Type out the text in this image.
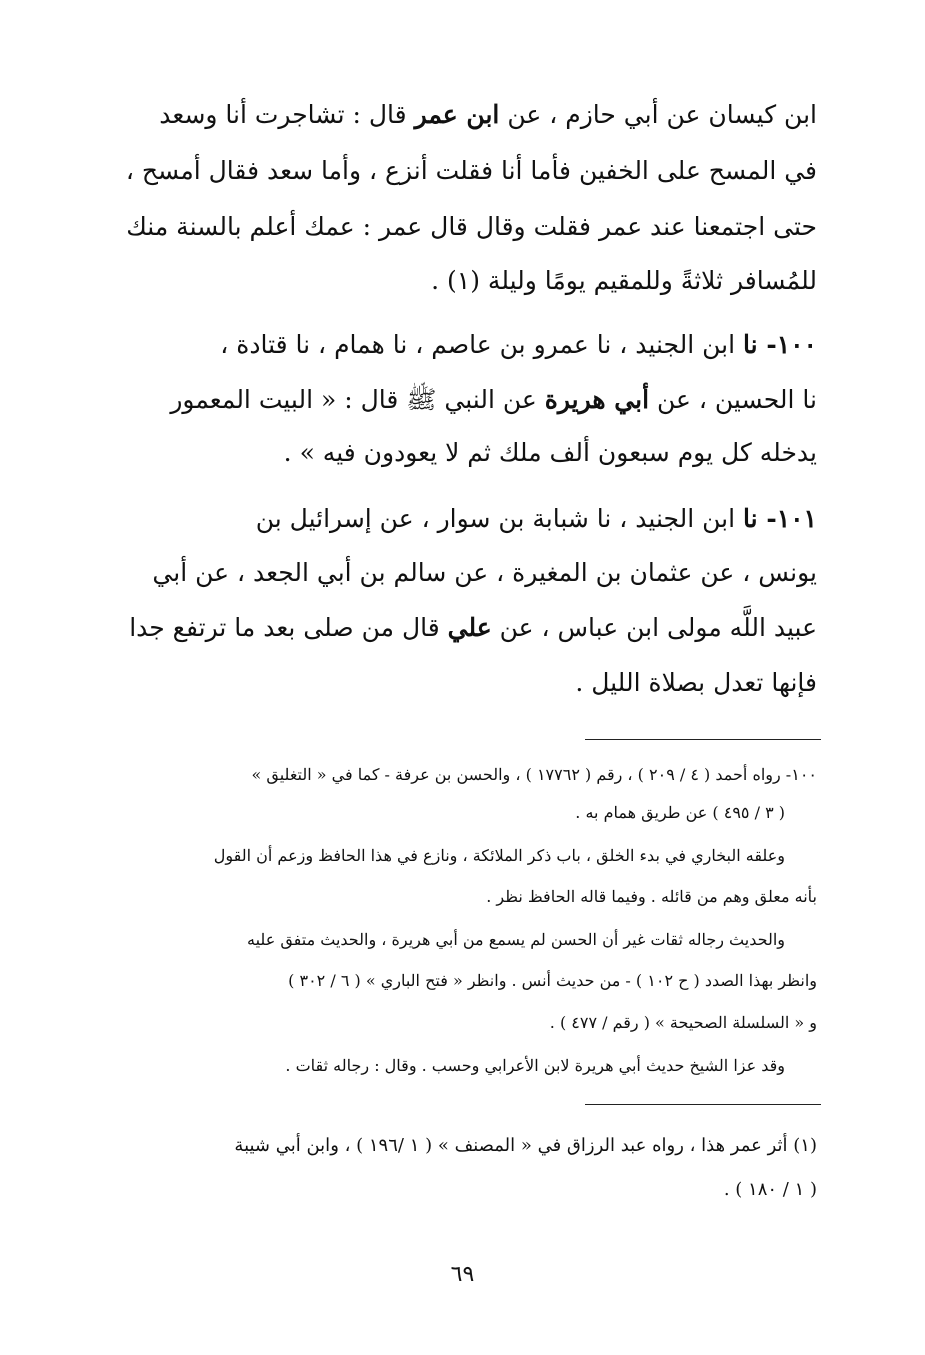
ابن كيسان عن أبي حازم ، عن ابن عمر قال : تشاجرت أنا وسعد
في المسح على الخفين فأما أنا فقلت أنزع ، وأما سعد فقال أمسح ،
حتى اجتمعنا عند عمر فقلت وقال قال عمر : عمك أعلم بالسنة منك
للمُسافر ثلاثةً وللمقيم يومًا وليلة (١) .
١٠٠- نا ابن الجنيد ، نا عمرو بن عاصم ، نا همام ، نا قتادة ،
نا الحسين ، عن أبي هريرة عن النبي ﷺ قال : « البيت المعمور
يدخله كل يوم سبعون ألف ملك ثم لا يعودون فيه » .
١٠١- نا ابن الجنيد ، نا شبابة بن سوار ، عن إسرائيل بن
يونس ، عن عثمان بن المغيرة ، عن سالم بن أبي الجعد ، عن أبي
عبيد اللَّه مولى ابن عباس ، عن علي قال من صلى بعد ما ترتفع جدا
فإنها تعدل بصلاة الليل .
١٠٠- رواه أحمد ( ٤ / ٢٠٩ ) ، رقم ( ١٧٧٦٢ ) ، والحسن بن عرفة - كما في « التغليق »
( ٣ / ٤٩٥ ) عن طريق همام به .
وعلقه البخاري في بدء الخلق ، باب ذكر الملائكة ، ونازع في هذا الحافظ وزعم أن القول
بأنه معلق وهم من قائله . وفيما قاله الحافظ نظر .
والحديث رجاله ثقات غير أن الحسن لم يسمع من أبي هريرة ، والحديث متفق عليه
وانظر بهذا الصدد ( ح ١٠٢ ) - من حديث أنس . وانظر « فتح الباري » ( ٦ / ٣٠٢ )
و « السلسلة الصحيحة » ( رقم / ٤٧٧ ) .
وقد عزا الشيخ حديث أبي هريرة لابن الأعرابي وحسب . وقال : رجاله ثقات .
(١) أثر عمر هذا ، رواه عبد الرزاق في « المصنف » ( ١ /١٩٦ ) ، وابن أبي شيبة
( ١ / ١٨٠ ) .
٦٩
